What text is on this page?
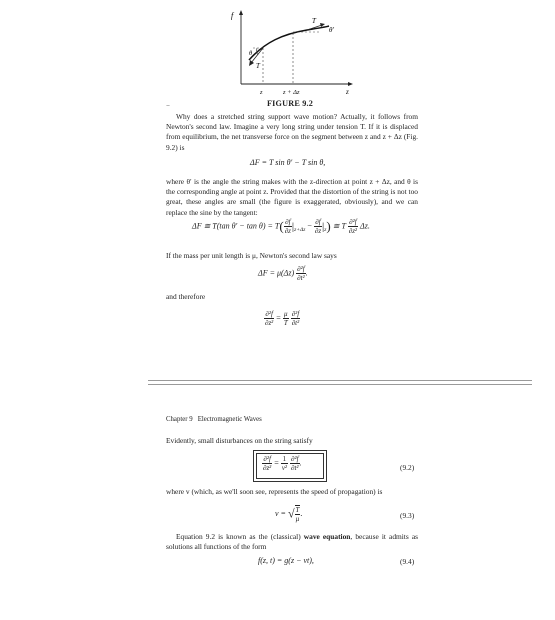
f
z
T
θ′
θ
T
z	z + Δz
FIGURE 9.2
............
Why does a stretched string support wave motion? Actually, it follows from Newton's second law. Imagine a very long string under tension T. If it is displaced from equilibrium, the net transverse force on the segment between z and z + Δz (Fig. 9.2) is
ΔF = T sin θ′ − T sin θ,
where θ′ is the angle the string makes with the z-direction at point z + Δz, and θ is the corresponding angle at point z. Provided that the distortion of the string is not too great, these angles are small (the figure is exaggerated, obviously), and we can replace the sine by the tangent:
ΔF ≅ T(tan $\theta' - \tan \theta) = T( \frac{\partial f}{\partial z} |_{z+\Delta z} - \frac{\partial f}{\partial z} |_z)$ ≅ T $\frac{\text{∂²f}}{\text{∂z²}} \Delta z$.
If the mass per unit length is μ, Newton's second law says
$\Delta F = \mu(\Delta z) \frac{\text{∂²f}}{\text{∂t²}}$ .
and therefore
$\frac{\text{∂²f}}{\text{∂z²}} = \frac{\mu}{T}$
$\frac{\text{∂²f}}{\text{∂t²}}$
Chapter 9   Electromagnetic Waves
Evidently, small disturbances on the string satisfy
$\frac{\text{∂²f}}{\text{∂z²}} = \frac{1}{\text{v²}}$
$\frac{\text{∂²f}}{\text{∂t²}}$ .
(9.2)
where v (which, as we'll soon see, represents the speed of propagation) is
v = √ $\frac{T}{\mu}$ .	(9.3)
Equation 9.2 is known as the (classical) wave equation, because it admits as solutions all functions of the form
f(z, t) = g(z − vt),	(9.4)
